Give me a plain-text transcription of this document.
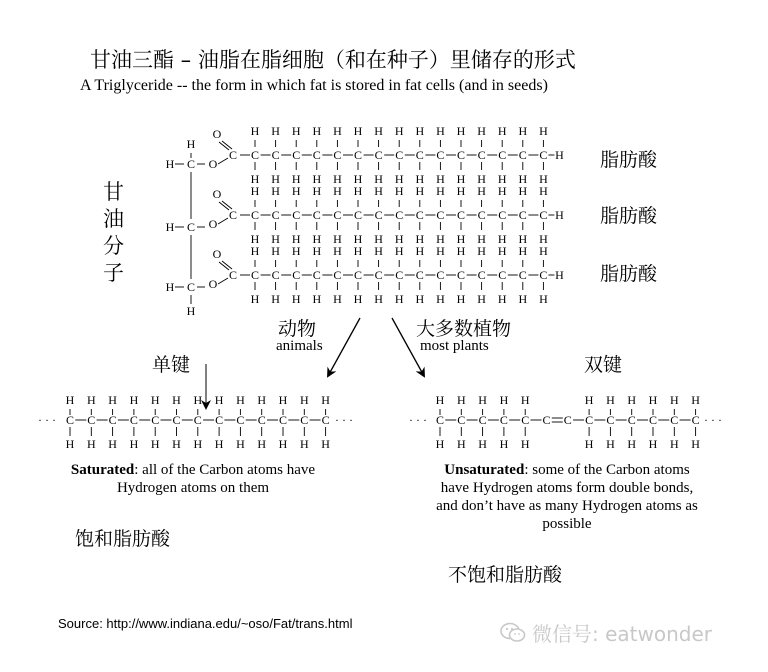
甘油三酯 – 油脂在脂细胞（和在种子）里储存的形式
A Triglyceride -- the form in which fat is stored in fat cells (and in seeds)
脂肪酸
脂肪酸
脂肪酸
甘
油
分
子
动物
animals
大多数植物
most plants
单键	双键
Saturated: all of the Carbon atoms have Hydrogen atoms on them
Unsaturated: some of the Carbon atoms have Hydrogen atoms form double bonds, and don’t have as many Hydrogen atoms as possible
饱和脂肪酸
不饱和脂肪酸
Source: http://www.indiana.edu/~oso/Fat/trans.html	微信号: eatwonder
H C
H
H C
H C
H
O
C
O
C
H
H
C
H
H
C
H
H
C
H
H
C
H
H
C
H
H
C
H
H
C
H
H
C
H
H
C
H
H
C
H
H
C
H
H
C
H
H
C
H
H
C
H
H
H
O
C
O
C
H
H
C
H
H
C
H
H
C
H
H
C
H
H
C
H
H
C
H
H
C
H
H
C
H
H
C
H
H
C
H
H
C
H
H
C
H
H
C
H
H
C
H
H
H
O
C
O
C
H
H
C
H
H
C
H
H
C
H
H
C
H
H
C
H
H
C
H
H
C
H
H
C
H
H
C
H
H
C
H
H
C
H
H
C
H
H
C
H
H
C
H
H
H
· · · C
H
H
C
H
H
C
H
H
C
H
H
C
H
H
C
H
H
C
H
H
C
H
H
C
H
H
C
H
H
C
H
H
C
H
H
C
H
H
· · ·	· · · C
H
H
C
H
H
C
H
H
C
H
H
C
H
H
C C C
H
H
C
H
H
C
H
H
C
H
H
C
H
H
C
H
H
· · ·
